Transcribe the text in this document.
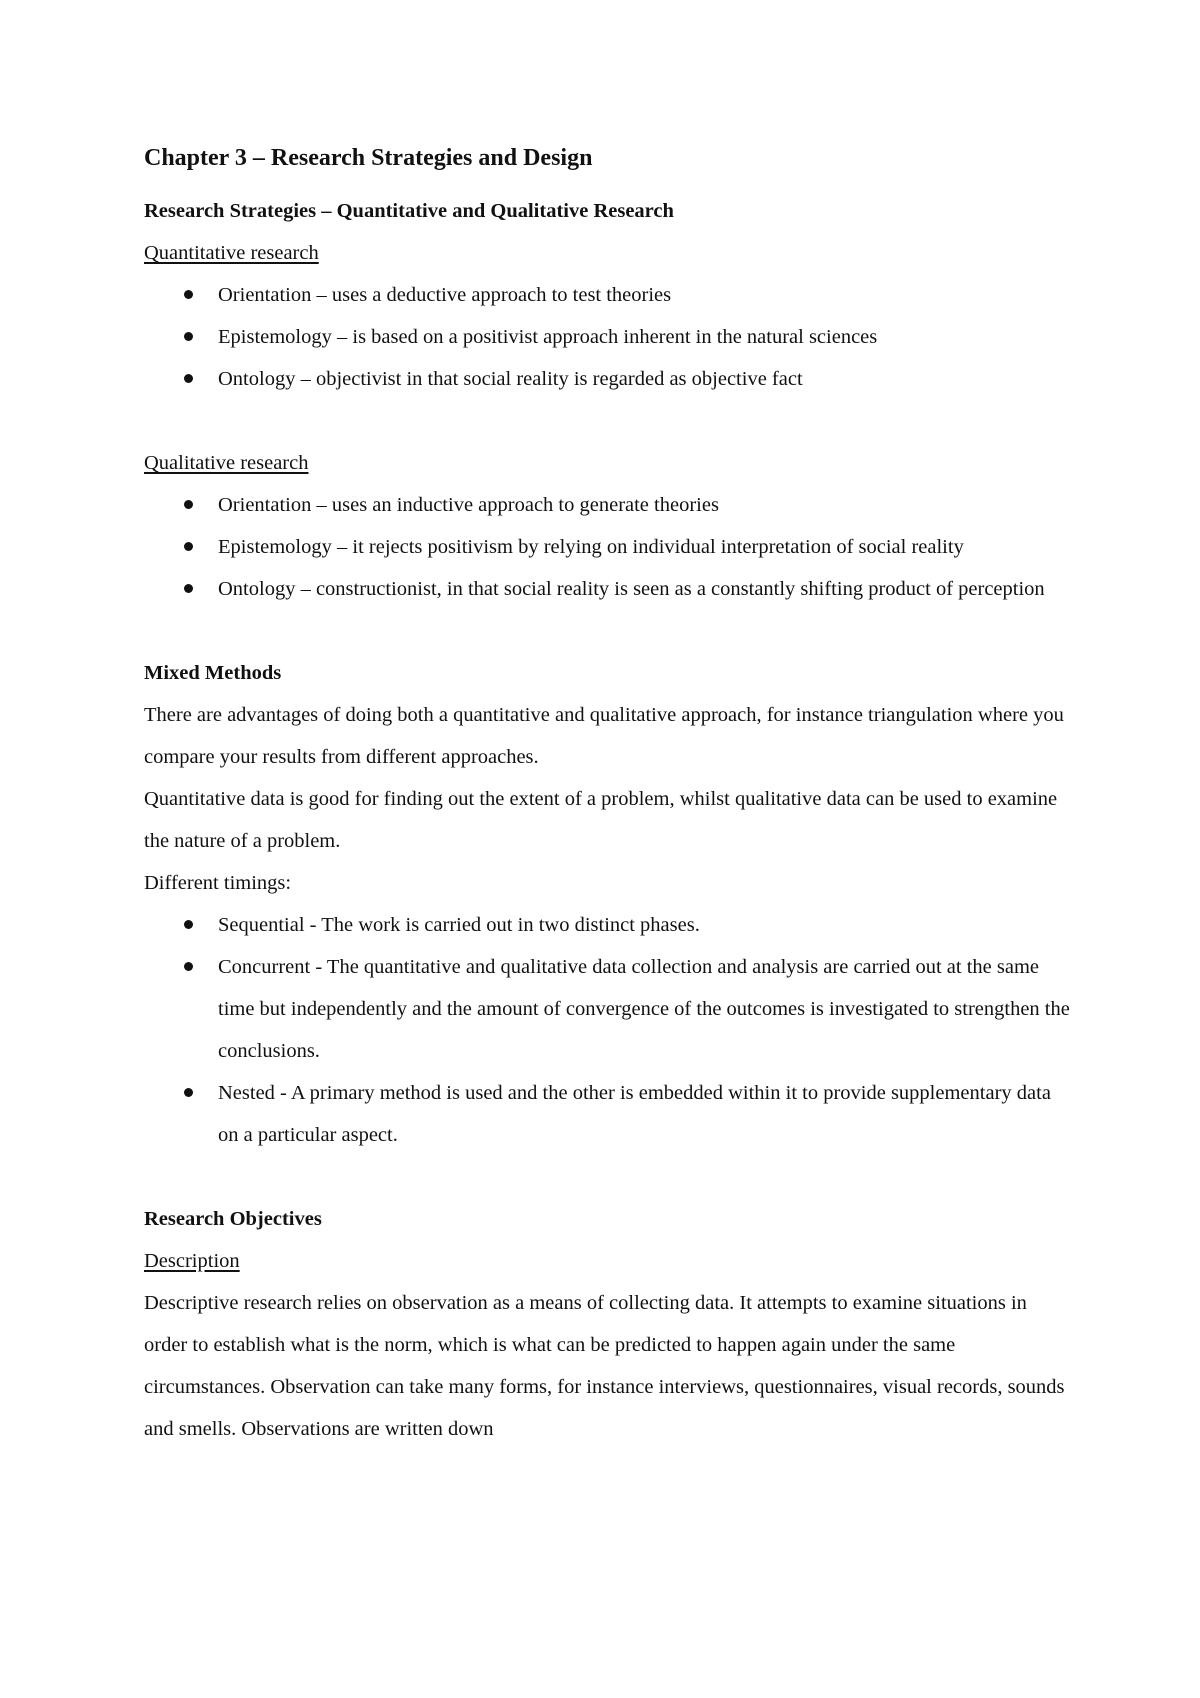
Chapter 3 – Research Strategies and Design

Research Strategies – Quantitative and Qualitative Research

Quantitative research

Orientation – uses a deductive approach to test theories
Epistemology – is based on a positivist approach inherent in the natural sciences
Ontology – objectivist in that social reality is regarded as objective fact

Qualitative research

Orientation – uses an inductive approach to generate theories
Epistemology – it rejects positivism by relying on individual interpretation of social reality
Ontology – constructionist, in that social reality is seen as a constantly shifting product of perception

Mixed Methods

There are advantages of doing both a quantitative and qualitative approach, for instance triangulation where you compare your results from different approaches.

Quantitative data is good for finding out the extent of a problem, whilst qualitative data can be used to examine the nature of a problem.

Different timings:

Sequential - The work is carried out in two distinct phases.
Concurrent - The quantitative and qualitative data collection and analysis are carried out at the same time but independently and the amount of convergence of the outcomes is investigated to strengthen the conclusions.
Nested - A primary method is used and the other is embedded within it to provide supplementary data on a particular aspect.

Research Objectives

Description

Descriptive research relies on observation as a means of collecting data. It attempts to examine situations in order to establish what is the norm, which is what can be predicted to happen again under the same circumstances. Observation can take many forms, for instance interviews, questionnaires, visual records, sounds and smells. Observations are written down
